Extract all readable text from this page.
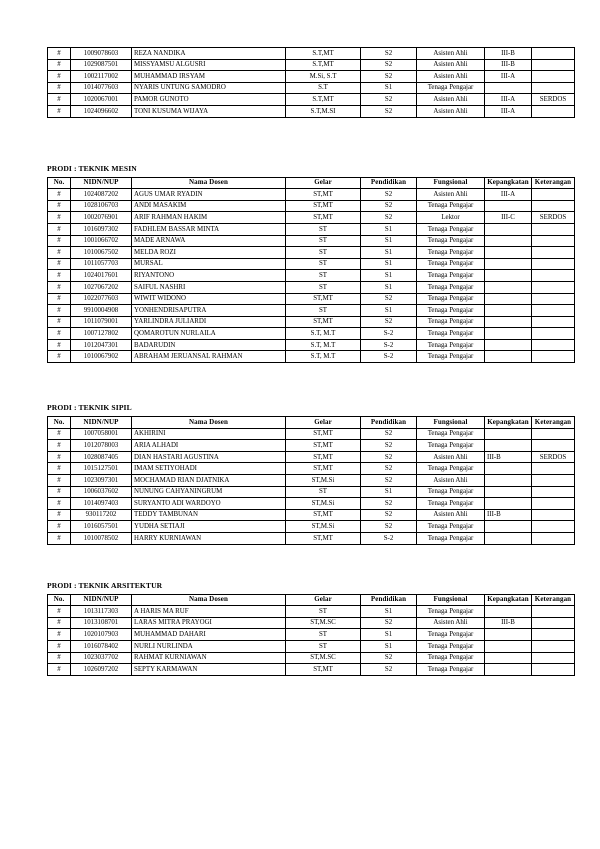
#	1009078603	REZA NANDIKA	S.T,MT	S2	Asisten Ahli	III-B	
#	1029087501	MISSYAMSU ALGUSRI	S.T,MT	S2	Asisten Ahli	III-B	
#	1002117002	MUHAMMAD IRSYAM	M.Si, S.T	S2	Asisten Ahli	III-A	
#	1014077603	NYARIS UNTUNG SAMODRO	S.T	S1	Tenaga Pengajar		
#	1020067001	PAMOR GUNOTO	S.T,MT	S2	Asisten Ahli	III-A	SERDOS
#	1024096602	TONI KUSUMA WIJAYA	S.T,M.SI	S2	Asisten Ahli	III-A	
PRODI : TEKNIK MESIN
No.	NIDN/NUP	Nama Dosen	Gelar	Pendidikan	Fungsional	Kepangkatan	Keterangan
#	1024087202	AGUS UMAR RYADIN	ST,MT	S2	Asisten Ahli	III-A	
#	1028106703	ANDI MASAKIM	ST,MT	S2	Tenaga Pengajar		
#	1002076901	ARIF RAHMAN HAKIM	ST,MT	S2	Lektor	III-C	SERDOS
#	1016097302	FADHLEM BASSAR MINTA	ST	S1	Tenaga Pengajar		
#	1001066702	MADE ARNAWA	ST	S1	Tenaga Pengajar		
#	1010067502	MELDA ROZI	ST	S1	Tenaga Pengajar		
#	1011057703	MURSAL	ST	S1	Tenaga Pengajar		
#	1024017601	RIYANTONO	ST	S1	Tenaga Pengajar		
#	1027067202	SAIFUL NASHRI	ST	S1	Tenaga Pengajar		
#	1022077603	WIWIT WIDONO	ST,MT	S2	Tenaga Pengajar		
#	9910004908	YONHENDRISAPUTRA	ST	S1	Tenaga Pengajar		
#	1011079001	YARLINDRA JULIARDI	ST,MT	S2	Tenaga Pengajar		
#	1007127802	QOMAROTUN NURLAILA	S.T, M.T	S-2	Tenaga Pengajar		
#	1012047301	BADARUDIN	S.T, M.T	S-2	Tenaga Pengajar		
#	1010067902	ABRAHAM JERUANSAL RAHMAN	S.T, M.T	S-2	Tenaga Pengajar		
PRODI : TEKNIK SIPIL
No.	NIDN/NUP	Nama Dosen	Gelar	Pendidikan	Fungsional	Kepangkatan	Keterangan
#	1007058001	AKHIRINI	ST,MT	S2	Tenaga Pengajar		
#	1012078003	ARIA ALHADI	ST,MT	S2	Tenaga Pengajar		
#	1028087405	DIAN HASTARI AGUSTINA	ST,MT	S2	Asisten Ahli	III-B	SERDOS
#	1015127501	IMAM SETIYOHADI	ST,MT	S2	Tenaga Pengajar		
#	1023097301	MOCHAMAD RIAN DJATNIKA	ST,M.Si	S2	Asisten Ahli		
#	1006037602	NUNUNG CAHYANINGRUM	ST	S1	Tenaga Pengajar		
#	1014097403	SURYANTO ADI WARDOYO	ST,M.Si	S2	Tenaga Pengajar		
#	930117202	TEDDY TAMBUNAN	ST,MT	S2	Asisten Ahli	III-B	
#	1016057501	YUDHA SETIAJI	ST,M.Si	S2	Tenaga Pengajar		
#	1010078502	HARRY KURNIAWAN	ST,MT	S-2	Tenaga Pengajar		
PRODI : TEKNIK ARSITEKTUR
No.	NIDN/NUP	Nama Dosen	Gelar	Pendidikan	Fungsional	Kepangkatan	Keterangan
#	1013117303	A HARIS MA RUF	ST	S1	Tenaga Pengajar		
#	1013108701	LARAS MITRA PRAYOGI	ST,M.SC	S2	Asisten Ahli	III-B	
#	1020107903	MUHAMMAD DAHARI	ST	S1	Tenaga Pengajar		
#	1016078402	NURLI NURLINDA	ST	S1	Tenaga Pengajar		
#	1023037702	RAHMAT KURNIAWAN	ST,M.SC	S2	Tenaga Pengajar		
#	1026097202	SEPTY KARMAWAN	ST,MT	S2	Tenaga Pengajar		
